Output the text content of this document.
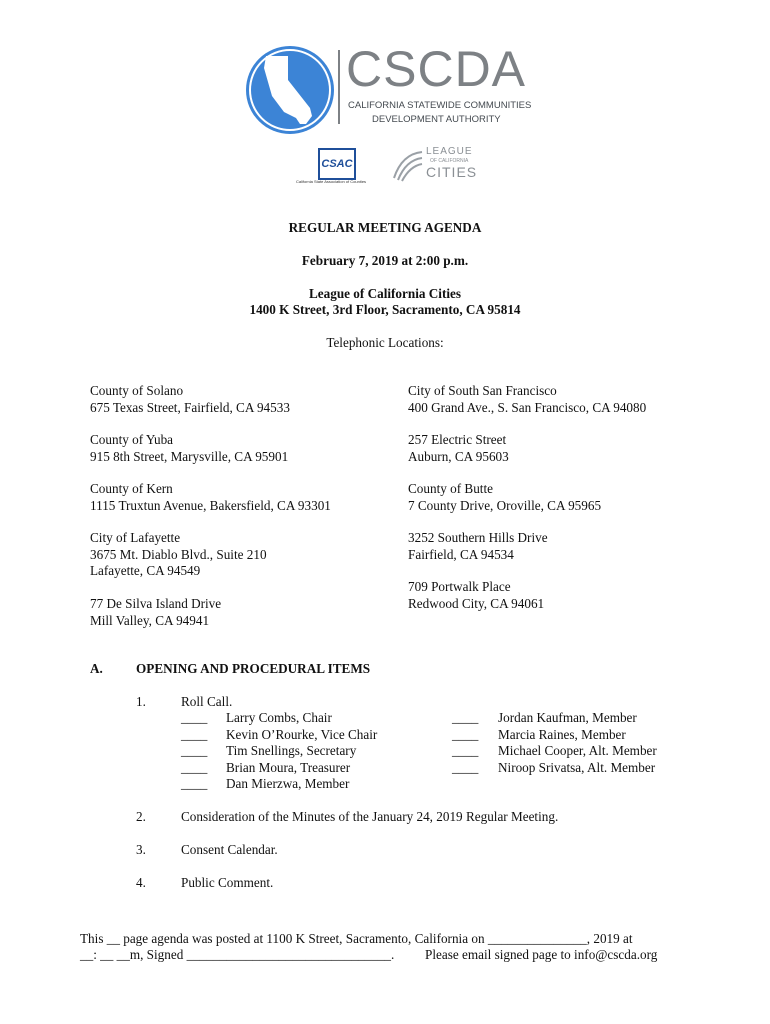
CSCDA
CALIFORNIA STATEWIDE COMMUNITIES
DEVELOPMENT AUTHORITY
CSAC
California State Association of Counties
LEAGUE
OF CALIFORNIA
CITIES
REGULAR MEETING AGENDA
February 7, 2019 at 2:00 p.m.
League of California Cities
1400 K Street, 3rd Floor, Sacramento, CA 95814
Telephonic Locations:
County of Solano
675 Texas Street, Fairfield, CA 94533
County of Yuba
915 8th Street, Marysville, CA 95901
County of Kern
1115 Truxtun Avenue, Bakersfield, CA 93301
City of Lafayette
3675 Mt. Diablo Blvd., Suite 210
Lafayette, CA 94549
77 De Silva Island Drive
Mill Valley, CA 94941
City of South San Francisco
400 Grand Ave., S. San Francisco, CA 94080
257 Electric Street
Auburn, CA 95603
County of Butte
7 County Drive, Oroville, CA 95965
3252 Southern Hills Drive
Fairfield, CA 94534
709 Portwalk Place
Redwood City, CA 94061
A.	OPENING AND PROCEDURAL ITEMS
1.	Roll Call.
____ Larry Combs, Chair
____ Kevin O’Rourke, Vice Chair
____ Tim Snellings, Secretary
____ Brian Moura, Treasurer
____ Dan Mierzwa, Member
____ Jordan Kaufman, Member
____ Marcia Raines, Member
____ Michael Cooper, Alt. Member
____ Niroop Srivatsa, Alt. Member
2.	Consideration of the Minutes of the January 24, 2019 Regular Meeting.
3.	Consent Calendar.
4.	Public Comment.
This __ page agenda was posted at 1100 K Street, Sacramento, California on _______________, 2019 at
__: __ __m, Signed _______________________________. Please email signed page to info@cscda.org
